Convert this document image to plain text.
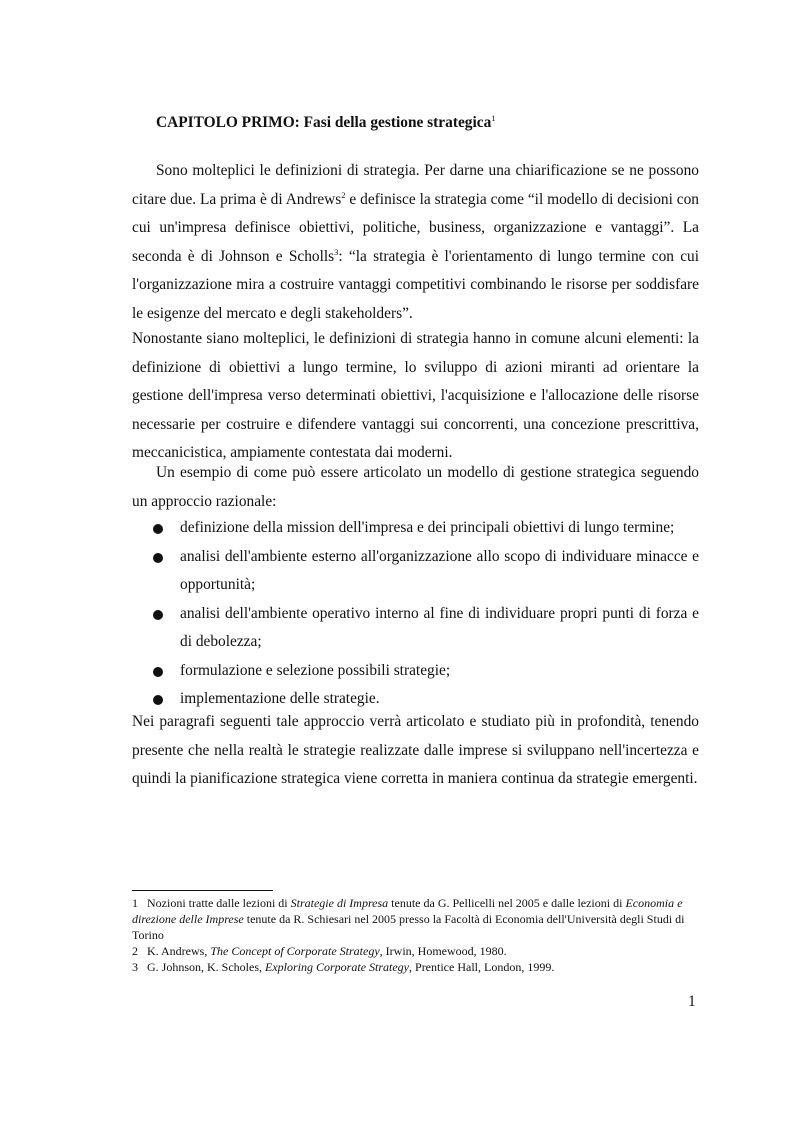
CAPITOLO PRIMO: Fasi della gestione strategica$^1$

Sono molteplici le definizioni di strategia. Per darne una chiarificazione se ne possono citare due. La prima è di Andrews$^2$ e definisce la strategia come “il modello di decisioni con cui un'impresa definisce obiettivi, politiche, business, organizzazione e vantaggi”. La seconda è di Johnson e Scholls$^3$: “la strategia è l'orientamento di lungo termine con cui l'organizzazione mira a costruire vantaggi competitivi combinando le risorse per soddisfare le esigenze del mercato e degli stakeholders”.

Nonostante siano molteplici, le definizioni di strategia hanno in comune alcuni elementi: la definizione di obiettivi a lungo termine, lo sviluppo di azioni miranti ad orientare la gestione dell'impresa verso determinati obiettivi, l'acquisizione e l'allocazione delle risorse necessarie per costruire e difendere vantaggi sui concorrenti, una concezione prescrittiva, meccanicistica, ampiamente contestata dai moderni.

Un esempio di come può essere articolato un modello di gestione strategica seguendo un approccio razionale:

definizione della mission dell'impresa e dei principali obiettivi di lungo termine;
analisi dell'ambiente esterno all'organizzazione allo scopo di individuare minacce e opportunità;
analisi dell'ambiente operativo interno al fine di individuare propri punti di forza e di debolezza;
formulazione e selezione possibili strategie;
implementazione delle strategie.

Nei paragrafi seguenti tale approccio verrà articolato e studiato più in profondità, tenendo presente che nella realtà le strategie realizzate dalle imprese si sviluppano nell'incertezza e quindi la pianificazione strategica viene corretta in maniera continua da strategie emergenti.

1 Nozioni tratte dalle lezioni di Strategie di Impresa tenute da G. Pellicelli nel 2005 e dalle lezioni di Economia e direzione delle Imprese tenute da R. Schiesari nel 2005 presso la Facoltà di Economia dell'Università degli Studi di Torino

2 K. Andrews, The Concept of Corporate Strategy, Irwin, Homewood, 1980.

3 G. Johnson, K. Scholes, Exploring Corporate Strategy, Prentice Hall, London, 1999.

1
